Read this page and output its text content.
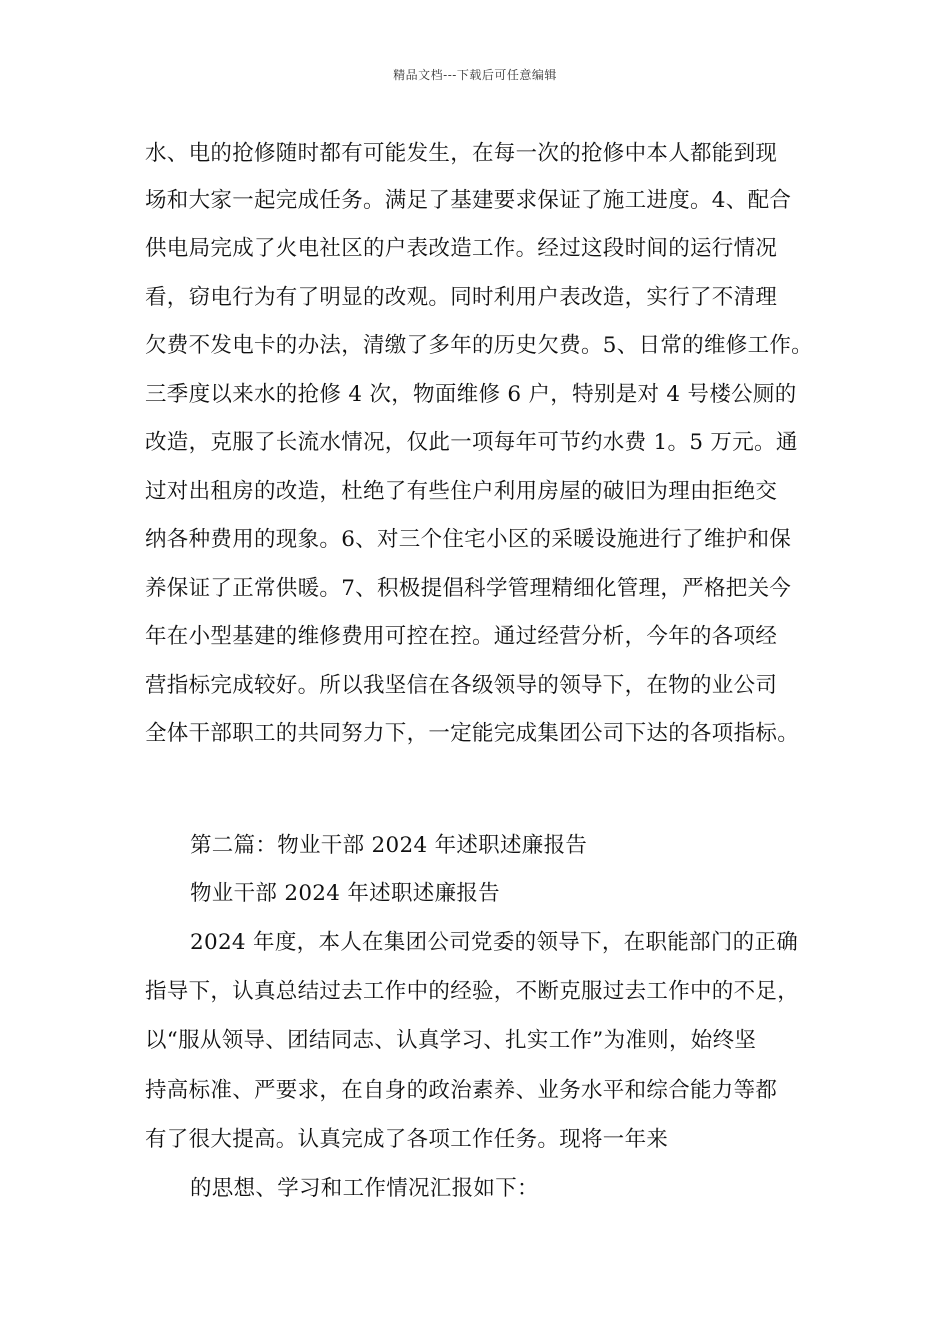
精品文档---下载后可任意编辑
水、电的抢修随时都有可能发生，在每一次的抢修中本人都能到现
场和大家一起完成任务。满足了基建要求保证了施工进度。4、配合
供电局完成了火电社区的户表改造工作。经过这段时间的运行情况
看，窃电行为有了明显的改观。同时利用户表改造，实行了不清理
欠费不发电卡的办法，清缴了多年的历史欠费。5、日常的维修工作。
三季度以来水的抢修 4 次，物面维修 6 户，特别是对 4 号楼公厕的
改造，克服了长流水情况，仅此一项每年可节约水费 1。5 万元。通
过对出租房的改造，杜绝了有些住户利用房屋的破旧为理由拒绝交
纳各种费用的现象。6、对三个住宅小区的采暖设施进行了维护和保
养保证了正常供暖。7、积极提倡科学管理精细化管理，严格把关今
年在小型基建的维修费用可控在控。通过经营分析，今年的各项经
营指标完成较好。所以我坚信在各级领导的领导下，在物的业公司
全体干部职工的共同努力下，一定能完成集团公司下达的各项指标。
第二篇：物业干部 2024 年述职述廉报告
物业干部 2024 年述职述廉报告
2024 年度，本人在集团公司党委的领导下，在职能部门的正确
指导下，认真总结过去工作中的经验，不断克服过去工作中的不足，
以“服从领导、团结同志、认真学习、扎实工作”为准则，始终坚
持高标准、严要求，在自身的政治素养、业务水平和综合能力等都
有了很大提高。认真完成了各项工作任务。现将一年来
的思想、学习和工作情况汇报如下：
